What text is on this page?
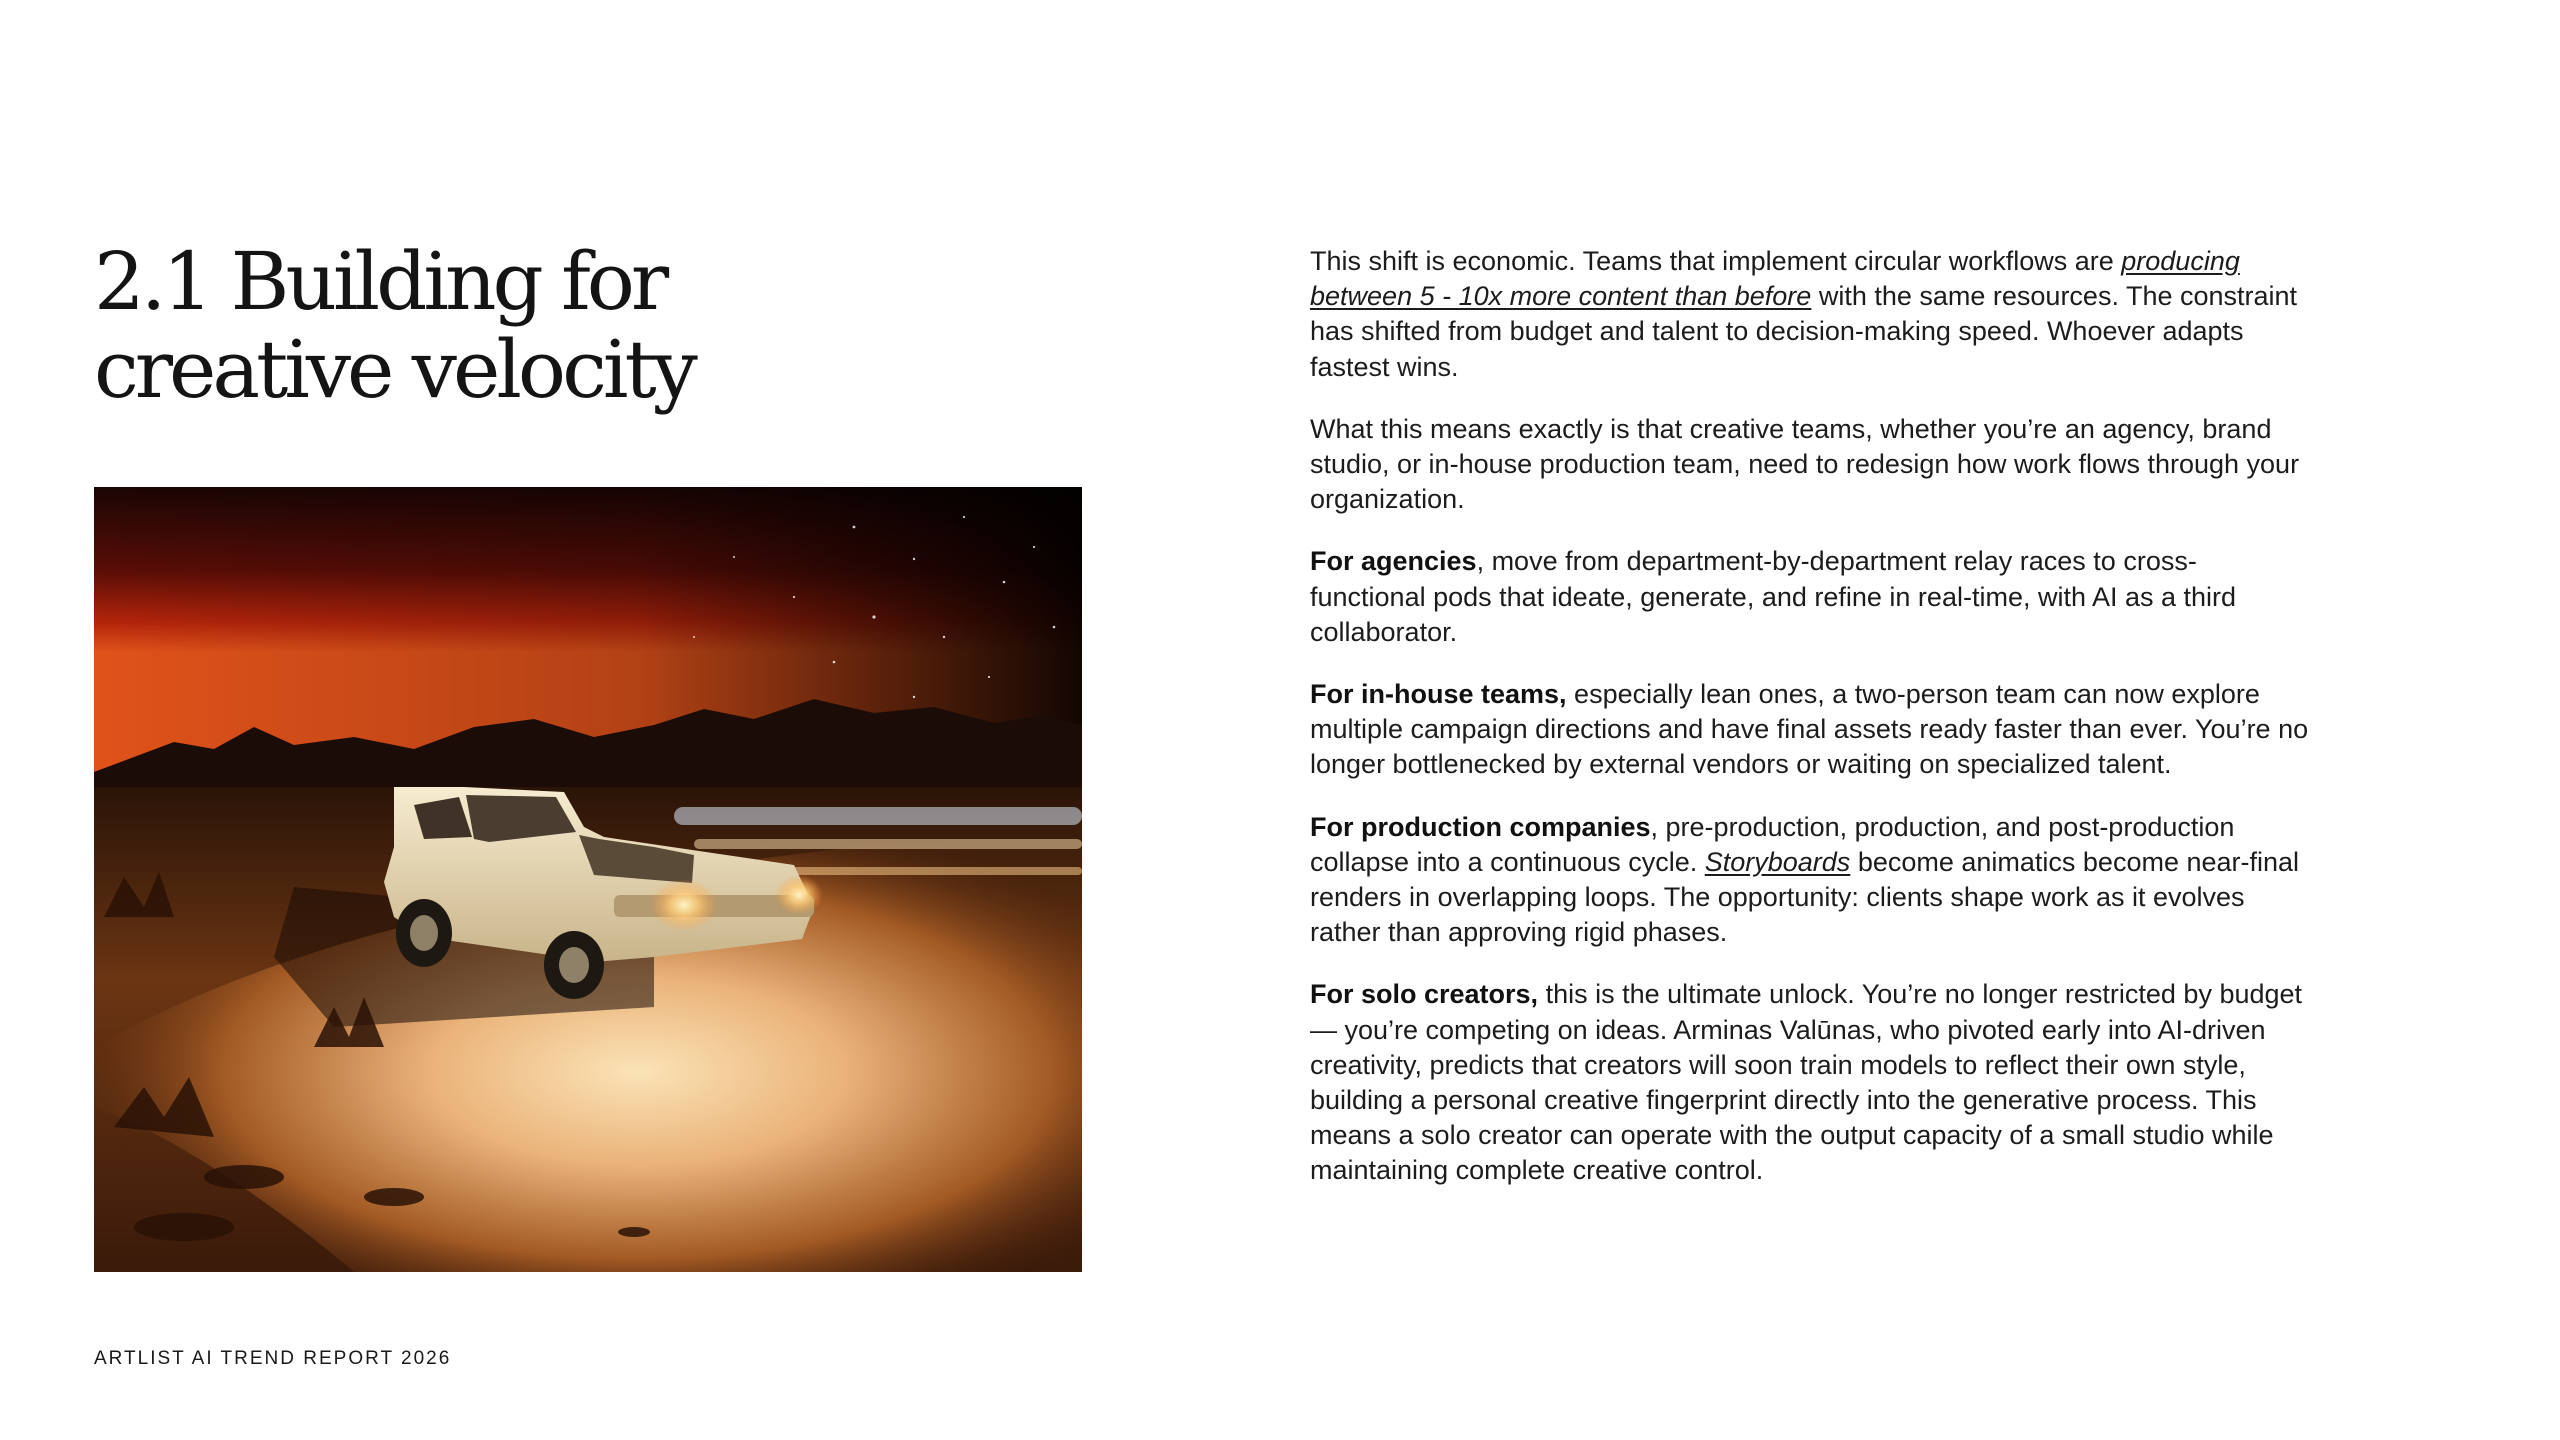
2.1 Building for
creative velocity

This shift is economic. Teams that implement circular workflows are producing between 5 - 10x more content than before with the same resources. The constraint has shifted from budget and talent to decision-making speed. Whoever adapts fastest wins.

What this means exactly is that creative teams, whether you’re an agency, brand studio, or in-house production team, need to redesign how work flows through your organization.

For agencies, move from department-by-department relay races to cross-functional pods that ideate, generate, and refine in real-time, with AI as a third collaborator.

For in-house teams, especially lean ones, a two-person team can now explore multiple campaign directions and have final assets ready faster than ever. You’re no longer bottlenecked by external vendors or waiting on specialized talent.

For production companies, pre-production, production, and post-production collapse into a continuous cycle. Storyboards become animatics become near-final renders in overlapping loops. The opportunity: clients shape work as it evolves rather than approving rigid phases.

For solo creators, this is the ultimate unlock. You’re no longer restricted by budget — you’re competing on ideas. Arminas Valūnas, who pivoted early into AI-driven creativity, predicts that creators will soon train models to reflect their own style, building a personal creative fingerprint directly into the generative process. This means a solo creator can operate with the output capacity of a small studio while maintaining complete creative control.

ARTLIST AI TREND REPORT 2026
